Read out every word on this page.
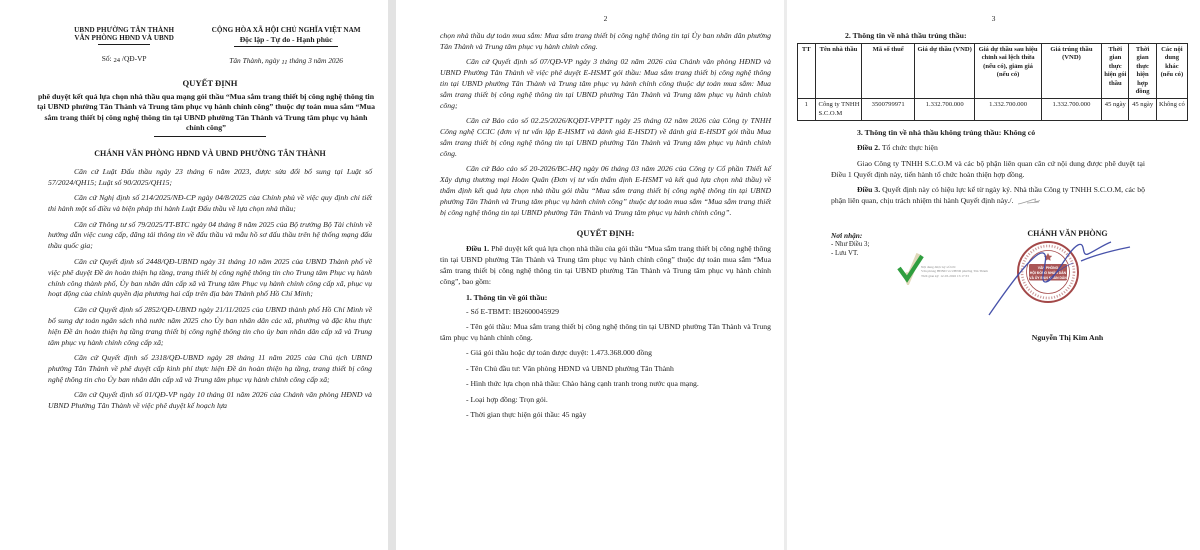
UBND PHƯỜNG TÂN THÀNH
VĂN PHÒNG HĐND VÀ UBND
Số: 24 /QĐ-VP
CỘNG HÒA XÃ HỘI CHỦ NGHĨA VIỆT NAM
Độc lập - Tự do - Hạnh phúc
Tân Thành, ngày 11 tháng 3 năm 2026
QUYẾT ĐỊNH
phê duyệt kết quả lựa chọn nhà thầu qua mạng gói thầu “Mua sắm trang thiết bị công nghệ thông tin tại UBND phường Tân Thành và Trung tâm phục vụ hành chính công” thuộc dự toán mua sắm “Mua sắm trang thiết bị công nghệ thông tin tại UBND phường Tân Thành và Trung tâm phục vụ hành chính công”
CHÁNH VĂN PHÒNG HĐND VÀ UBND PHƯỜNG TÂN THÀNH

Căn cứ Luật Đấu thầu ngày 23 tháng 6 năm 2023, được sửa đổi bổ sung tại Luật số 57/2024/QH15; Luật số 90/2025/QH15;

Căn cứ Nghị định số 214/2025/NĐ-CP ngày 04/8/2025 của Chính phủ về việc quy định chi tiết thi hành một số điều và biện pháp thi hành Luật Đấu thầu về lựa chọn nhà thầu;

Căn cứ Thông tư số 79/2025/TT-BTC ngày 04 tháng 8 năm 2025 của Bộ trưởng Bộ Tài chính về hướng dẫn việc cung cấp, đăng tải thông tin về đấu thầu và mẫu hồ sơ đấu thầu trên hệ thống mạng đấu thầu quốc gia;

Căn cứ Quyết định số 2448/QĐ-UBND ngày 31 tháng 10 năm 2025 của UBND Thành phố về việc phê duyệt Đề án hoàn thiện hạ tầng, trang thiết bị công nghệ thông tin cho Trung tâm Phục vụ hành chính công thành phố, Ủy ban nhân dân cấp xã và Trung tâm Phục vụ hành chính công cấp xã, phục vụ hoạt động của chính quyền địa phương hai cấp trên địa bàn Thành phố Hồ Chí Minh;

Căn cứ Quyết định số 2852/QĐ-UBND ngày 21/11/2025 của UBND thành phố Hồ Chí Minh về bổ sung dự toán ngân sách nhà nước năm 2025 cho Ủy ban nhân dân các xã, phường và đặc khu thực hiện Đề án hoàn thiện hạ tầng trang thiết bị công nghệ thông tin cho ủy ban nhân dân cấp xã và Trung tâm phục vụ hành chính công cấp xã;

Căn cứ Quyết định số 2318/QĐ-UBND ngày 28 tháng 11 năm 2025 của Chủ tịch UBND phường Tân Thành về phê duyệt cấp kinh phí thực hiện Đề án hoàn thiện hạ tầng, trang thiết bị công nghệ thông tin cho Ủy ban nhân dân cấp xã và Trung tâm phục vụ hành chính công cấp xã;

Căn cứ Quyết định số 01/QĐ-VP ngày 10 tháng 01 năm 2026 của Chánh văn phòng HĐND và UBND Phường Tân Thành về việc phê duyệt kế hoạch lựa

2

chọn nhà thầu dự toán mua sắm: Mua sắm trang thiết bị công nghệ thông tin tại Ủy ban nhân dân phường Tân Thành và Trung tâm phục vụ hành chính công.

Căn cứ Quyết định số 07/QĐ-VP ngày 3 tháng 02 năm 2026 của Chánh văn phòng HĐND và UBND Phường Tân Thành về việc phê duyệt E-HSMT gói thầu: Mua sắm trang thiết bị công nghệ thông tin tại UBND phường Tân Thành và Trung tâm phục vụ hành chính công thuộc dự toán mua sắm: Mua sắm trang thiết bị công nghệ thông tin tại UBND phường Tân Thành và Trung tâm phục vụ hành chính công;

Căn cứ Báo cáo số 02.25/2026/KQĐT-VPPTT ngày 25 tháng 02 năm 2026 của Công ty TNHH Công nghệ CCIC (đơn vị tư vấn lập E-HSMT và đánh giá E-HSDT) về đánh giá E-HSDT gói thầu Mua sắm trang thiết bị công nghệ thông tin tại UBND phường Tân Thành và Trung tâm phục vụ hành chính công.

Căn cứ Báo cáo số 20-2026/BC-HQ ngày 06 tháng 03 năm 2026 của Công ty Cổ phần Thiết kế Xây dựng thương mại Hoàn Quân (Đơn vị tư vấn thẩm định E-HSMT và kết quả lựa chọn nhà thầu) về thẩm định kết quả lựa chọn nhà thầu gói thầu “Mua sắm trang thiết bị công nghệ thông tin tại UBND phường Tân Thành và Trung tâm phục vụ hành chính công” thuộc dự toán mua sắm “Mua sắm trang thiết bị công nghệ thông tin tại UBND phường Tân Thành và Trung tâm phục vụ hành chính công”.

QUYẾT ĐỊNH:

Điều 1. Phê duyệt kết quả lựa chọn nhà thầu của gói thầu “Mua sắm trang thiết bị công nghệ thông tin tại UBND phường Tân Thành và Trung tâm phục vụ hành chính công” thuộc dự toán mua sắm “Mua sắm trang thiết bị công nghệ thông tin tại UBND phường Tân Thành và Trung tâm phục vụ hành chính công”, bao gồm:

1. Thông tin về gói thầu:

- Số E-TBMT: IB2600045929

- Tên gói thầu: Mua sắm trang thiết bị công nghệ thông tin tại UBND phường Tân Thành và Trung tâm phục vụ hành chính công.

- Giá gói thầu hoặc dự toán được duyệt: 1.473.368.000 đồng

- Tên Chủ đầu tư: Văn phòng HĐND và UBND phường Tân Thành

- Hình thức lựa chọn nhà thầu: Chào hàng cạnh tranh trong nước qua mạng.

- Loại hợp đồng: Trọn gói.

- Thời gian thực hiện gói thầu: 45 ngày

3
2. Thông tin về nhà thầu trúng thầu:
TT	Tên nhà thầu	Mã số thuế	Giá dự thầu (VND)	Giá dự thầu sau hiệu chỉnh sai lệch thừa (nếu có), giảm giá (nếu có)	Giá trúng thầu (VND)	Thời gian thực hiện gói thầu	Thời gian thực hiện hợp đồng	Các nội dung khác (nếu có)
1	Công ty TNHH S.C.O.M	3500799971	1.332.700.000	1.332.700.000	1.332.700.000	45 ngày	45 ngày	Không có
3. Thông tin về nhà thầu không trúng thầu: Không có

Điều 2. Tổ chức thực hiện

Giao Công ty TNHH S.C.O.M và các bộ phận liên quan căn cứ nội dung được phê duyệt tại Điều 1 Quyết định này, tiến hành tổ chức hoàn thiện hợp đồng.

Điều 3. Quyết định này có hiệu lực kể từ ngày ký. Nhà thầu Công ty TNHH S.C.O.M, các bộ phận liên quan, chịu trách nhiệm thi hành Quyết định này./.

Nơi nhận:
- Như Điều 3;
- Lưu VT.
CHÁNH VĂN PHÒNG
Nội dung được ký số bởi:
Văn phòng HĐND và UBND phường Tân Thành
Thời gian ký: 12-03-2026 15:17:33
VĂN PHÒNG
HỘI ĐỒNG NHÂN DÂN
VÀ ỦY BAN NHÂN DÂN
Nguyễn Thị Kim Anh
